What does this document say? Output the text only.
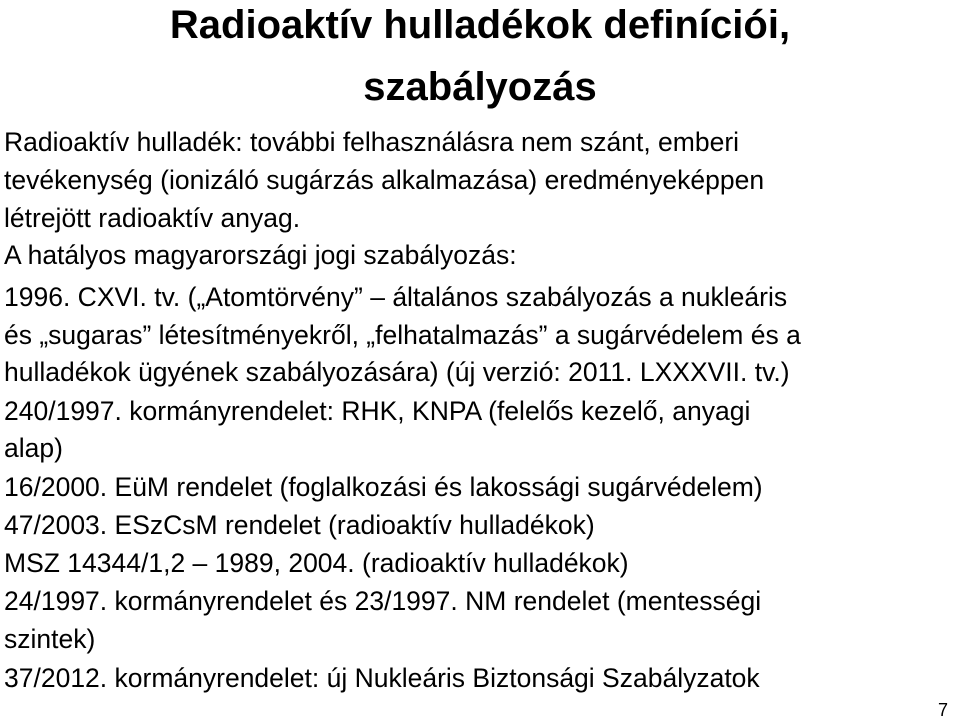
Radioaktív hulladékok definíciói,
szabályozás
Radioaktív hulladék: további felhasználásra nem szánt, emberi
tevékenység (ionizáló sugárzás alkalmazása) eredményeképpen
létrejött radioaktív anyag.
A hatályos magyarországi jogi szabályozás:
1996. CXVI. tv. („Atomtörvény” – általános szabályozás a nukleáris
és „sugaras” létesítményekről, „felhatalmazás” a sugárvédelem és a
hulladékok ügyének szabályozására) (új verzió: 2011. LXXXVII. tv.)
240/1997. kormányrendelet: RHK, KNPA (felelős kezelő, anyagi
alap)
16/2000. EüM rendelet (foglalkozási és lakossági sugárvédelem)
47/2003. ESzCsM rendelet (radioaktív hulladékok)
MSZ 14344/1,2 – 1989, 2004. (radioaktív hulladékok)
24/1997. kormányrendelet és 23/1997. NM rendelet (mentességi
szintek)
37/2012. kormányrendelet: új Nukleáris Biztonsági Szabályzatok
7
